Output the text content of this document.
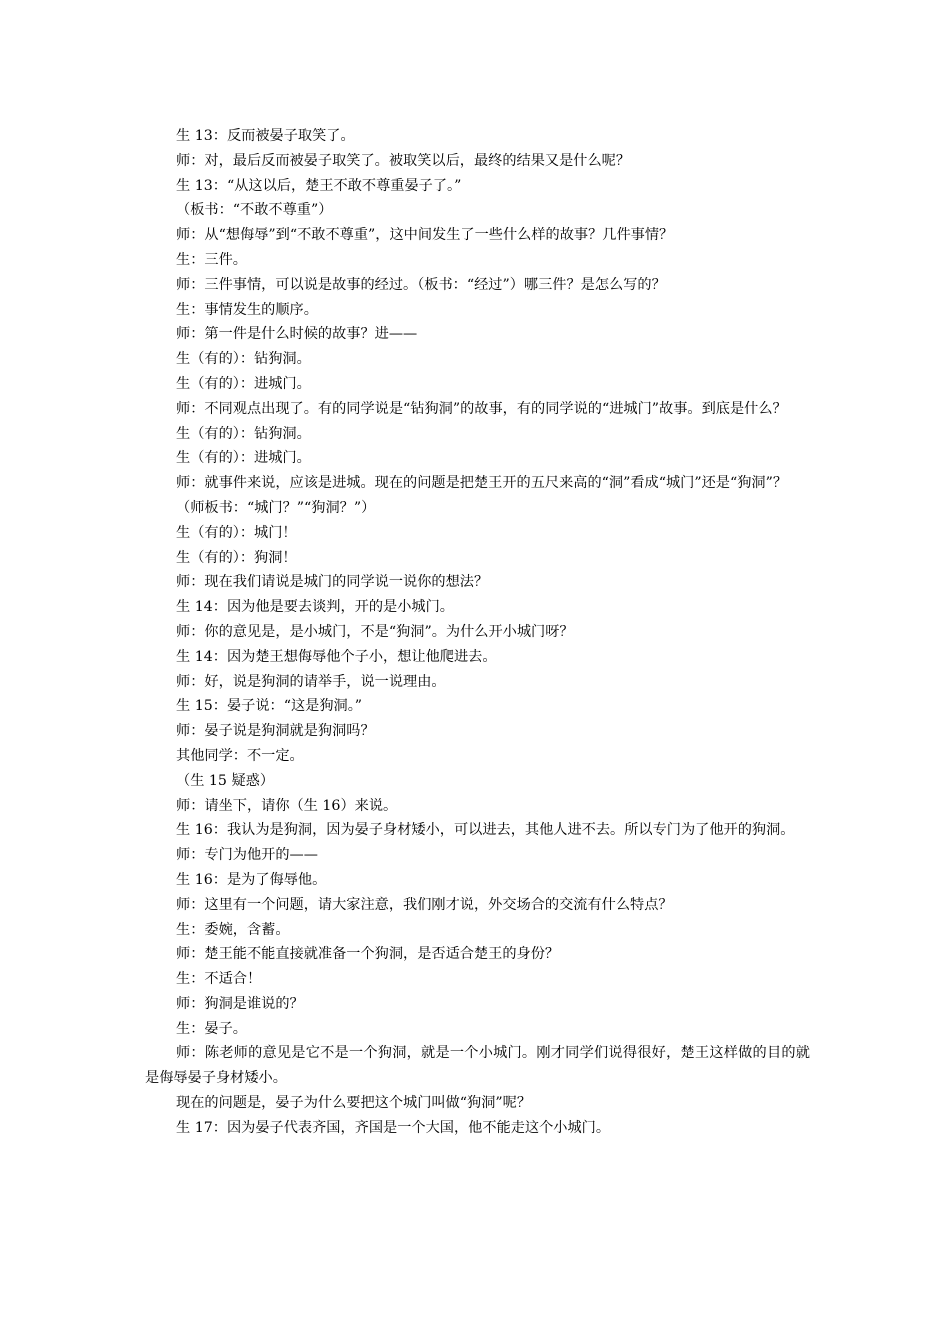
生 13：反而被晏子取笑了。

师：对，最后反而被晏子取笑了。被取笑以后，最终的结果又是什么呢？

生 13：“从这以后，楚王不敢不尊重晏子了。”

（板书：“不敢不尊重”）

师：从“想侮辱”到“不敢不尊重”，这中间发生了一些什么样的故事？几件事情？

生：三件。

师：三件事情，可以说是故事的经过。（板书：“经过”）哪三件？是怎么写的？

生：事情发生的顺序。

师：第一件是什么时候的故事？进——

生（有的）：钻狗洞。

生（有的）：进城门。

师：不同观点出现了。有的同学说是“钻狗洞”的故事，有的同学说的“进城门”故事。到底是什么？

生（有的）：钻狗洞。

生（有的）：进城门。

师：就事件来说，应该是进城。现在的问题是把楚王开的五尺来高的“洞”看成“城门”还是“狗洞”？

（师板书：“城门？”“狗洞？”）

生（有的）：城门！

生（有的）：狗洞！

师：现在我们请说是城门的同学说一说你的想法？

生 14：因为他是要去谈判，开的是小城门。

师：你的意见是，是小城门，不是“狗洞”。为什么开小城门呀？

生 14：因为楚王想侮辱他个子小，想让他爬进去。

师：好，说是狗洞的请举手，说一说理由。

生 15：晏子说：“这是狗洞。”

师：晏子说是狗洞就是狗洞吗？

其他同学：不一定。

（生 15 疑惑）

师：请坐下，请你（生 16）来说。

生 16：我认为是狗洞，因为晏子身材矮小，可以进去，其他人进不去。所以专门为了他开的狗洞。

师：专门为他开的——

生 16：是为了侮辱他。

师：这里有一个问题，请大家注意，我们刚才说，外交场合的交流有什么特点？

生：委婉，含蓄。

师：楚王能不能直接就准备一个狗洞，是否适合楚王的身份？

生：不适合！

师：狗洞是谁说的？

生：晏子。

师：陈老师的意见是它不是一个狗洞，就是一个小城门。刚才同学们说得很好，楚王这样做的目的就是侮辱晏子身材矮小。

现在的问题是，晏子为什么要把这个城门叫做“狗洞”呢？

生 17：因为晏子代表齐国，齐国是一个大国，他不能走这个小城门。
